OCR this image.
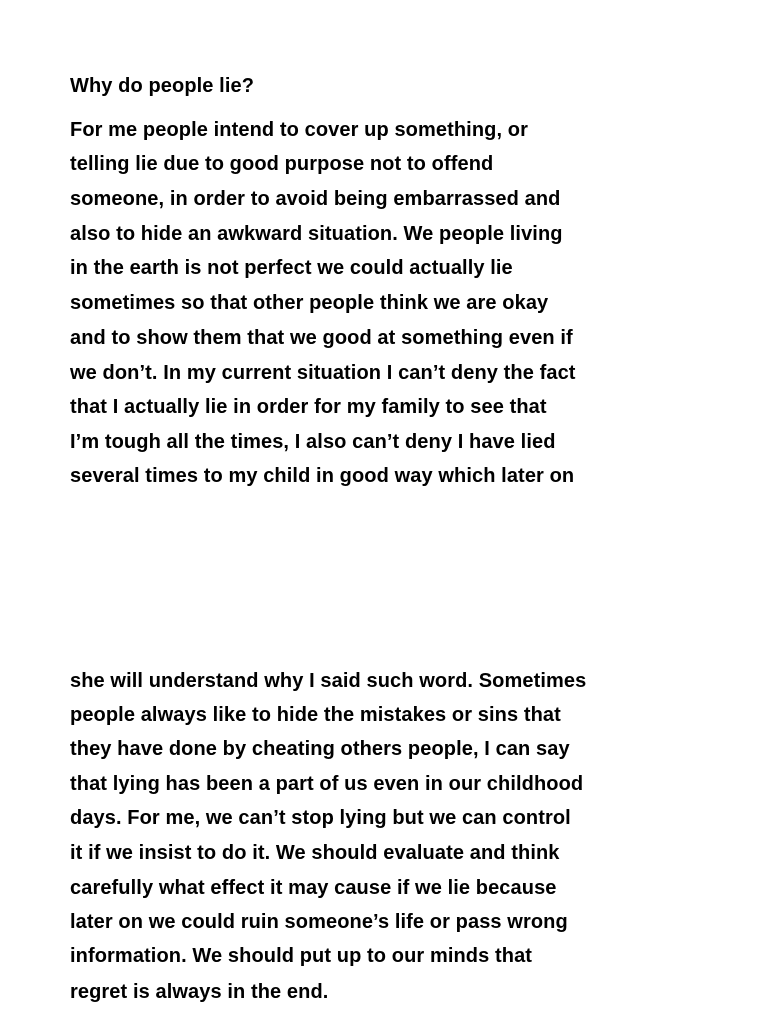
Why do people lie?
For me people intend to cover up something, or
telling lie due to good purpose not to offend
someone, in order to avoid being embarrassed and
also to hide an awkward situation. We people living
in the earth is not perfect we could actually lie
sometimes so that other people think we are okay
and to show them that we good at something even if
we don’t. In my current situation I can’t deny the fact
that I actually lie in order for my family to see that
I’m tough all the times, I also can’t deny I have lied
several times to my child in good way which later on
she will understand why I said such word. Sometimes
people always like to hide the mistakes or sins that
they have done by cheating others people, I can say
that lying has been a part of us even in our childhood
days. For me, we can’t stop lying but we can control
it if we insist to do it. We should evaluate and think
carefully what effect it may cause if we lie because
later on we could ruin someone’s life or pass wrong
information. We should put up to our minds that
regret is always in the end.
